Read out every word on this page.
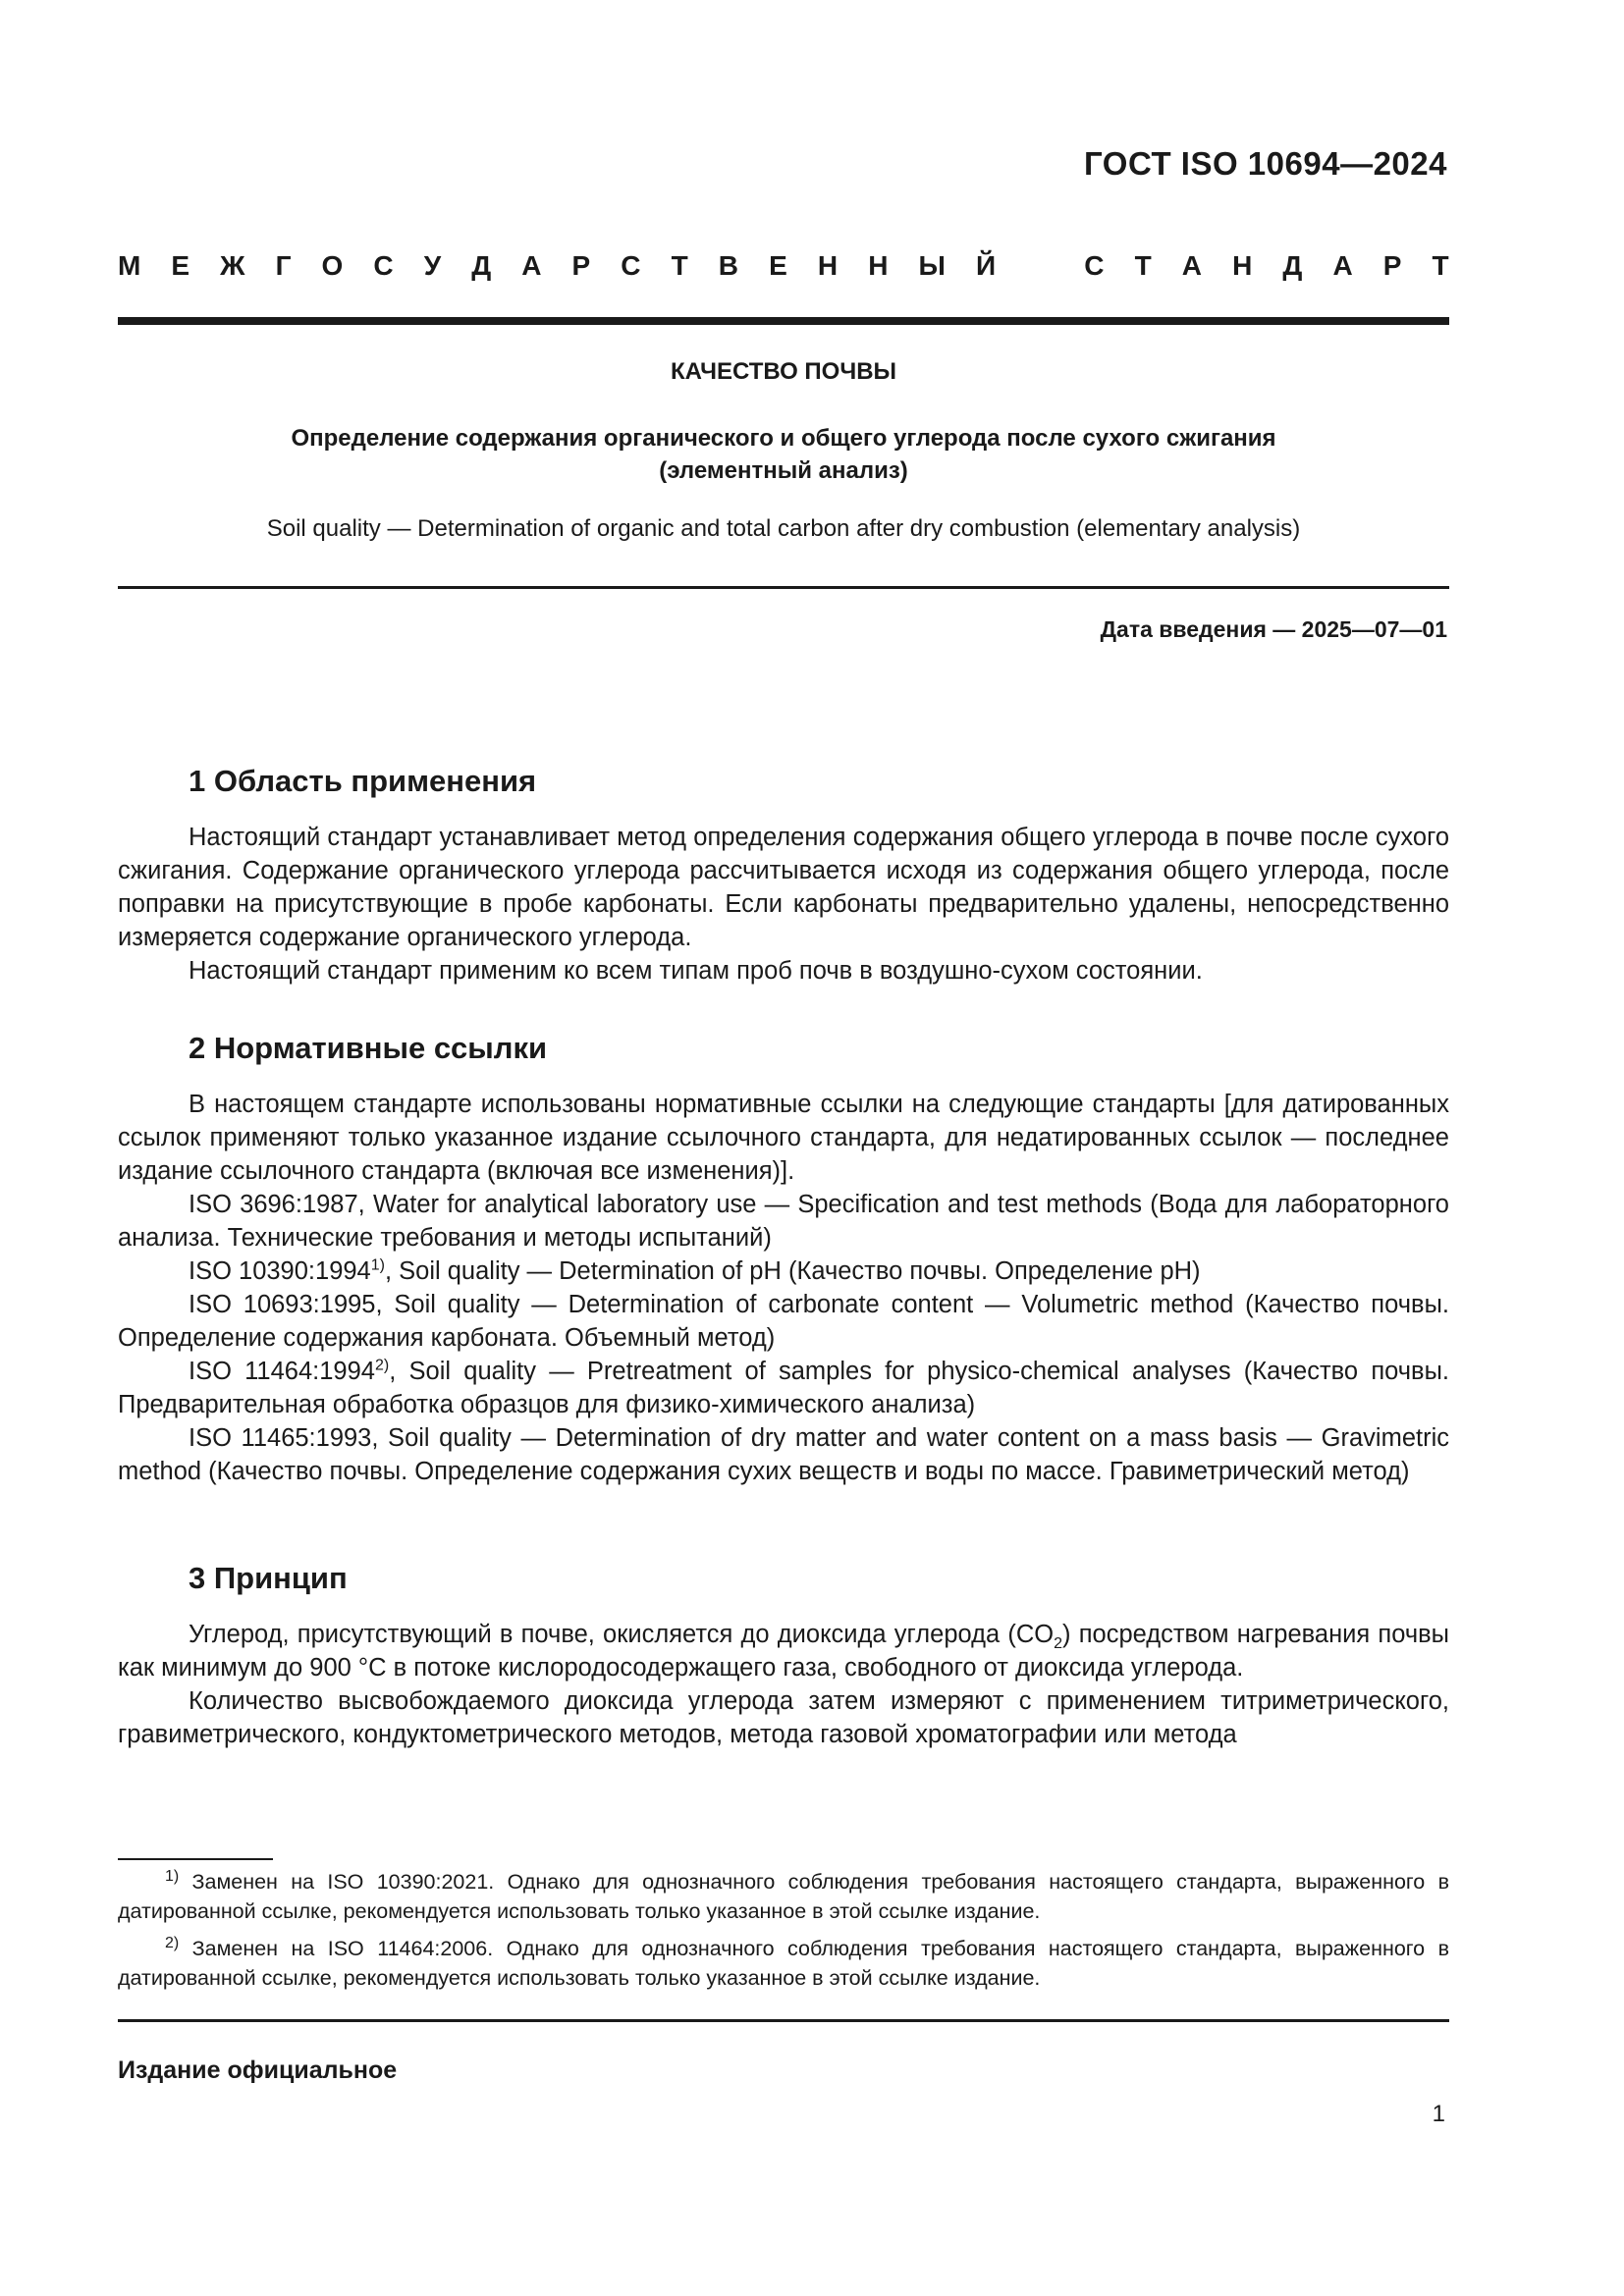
ГОСТ ISO 10694—2024
М Е Ж Г О С У Д А Р С Т В Е Н Н Ы Й	С Т А Н Д А Р Т
КАЧЕСТВО ПОЧВЫ
Определение содержания органического и общего углерода после сухого сжигания
(элементный анализ)
Soil quality — Determination of organic and total carbon after dry combustion (elementary analysis)
Дата введения — 2025—07—01
1 Область применения

Настоящий стандарт устанавливает метод определения содержания общего углерода в почве после сухого сжигания. Содержание органического углерода рассчитывается исходя из содержания общего углерода, после поправки на присутствующие в пробе карбонаты. Если карбонаты предварительно удалены, непосредственно измеряется содержание органического углерода.

Настоящий стандарт применим ко всем типам проб почв в воздушно-сухом состоянии.

2 Нормативные ссылки

В настоящем стандарте использованы нормативные ссылки на следующие стандарты [для датированных ссылок применяют только указанное издание ссылочного стандарта, для недатированных ссылок — последнее издание ссылочного стандарта (включая все изменения)].

ISO 3696:1987, Water for analytical laboratory use — Specification and test methods (Вода для лабораторного анализа. Технические требования и методы испытаний)

ISO 10390:1994$^{1)}$, Soil quality — Determination of pH (Качество почвы. Определение pH)

ISO 10693:1995, Soil quality — Determination of carbonate content — Volumetric method (Качество почвы. Определение содержания карбоната. Объемный метод)

ISO 11464:1994$^{2)}$, Soil quality — Pretreatment of samples for physico-chemical analyses (Качество почвы. Предварительная обработка образцов для физико-химического анализа)

ISO 11465:1993, Soil quality — Determination of dry matter and water content on a mass basis — Gravimetric method (Качество почвы. Определение содержания сухих веществ и воды по массе. Гравиметрический метод)

3 Принцип

Углерод, присутствующий в почве, окисляется до диоксида углерода $(CO_2)$ посредством нагревания почвы как минимум до 900 °C в потоке кислородосодержащего газа, свободного от диоксида углерода.

Количество высвобождаемого диоксида углерода затем измеряют с применением титриметрического, гравиметрического, кондуктометрического методов, метода газовой хроматографии или метода

$^{1)}$ Заменен на ISO 10390:2021. Однако для однозначного соблюдения требования настоящего стандарта, выраженного в датированной ссылке, рекомендуется использовать только указанное в этой ссылке издание.

$^{2)}$ Заменен на ISO 11464:2006. Однако для однозначного соблюдения требования настоящего стандарта, выраженного в датированной ссылке, рекомендуется использовать только указанное в этой ссылке издание.

Издание официальное
1
